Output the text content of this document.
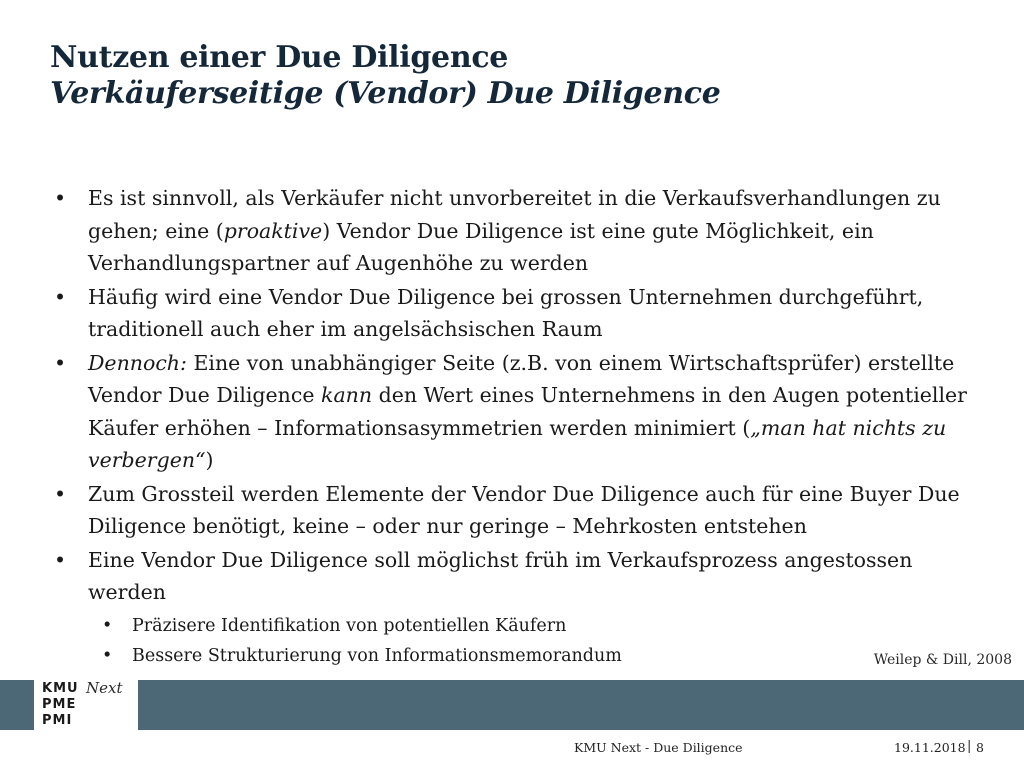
Nutzen einer Due Diligence
Verkäuferseitige (Vendor) Due Diligence
• Es ist sinnvoll, als Verkäufer nicht unvorbereitet in die Verkaufsverhandlungen zu gehen; eine (proaktive) Vendor Due Diligence ist eine gute Möglichkeit, ein Verhandlungspartner auf Augenhöhe zu werden
• Häufig wird eine Vendor Due Diligence bei grossen Unternehmen durchgeführt, traditionell auch eher im angelsächsischen Raum
• Dennoch: Eine von unabhängiger Seite (z.B. von einem Wirtschaftsprüfer) erstellte Vendor Due Diligence kann den Wert eines Unternehmens in den Augen potentieller Käufer erhöhen – Informationsasymmetrien werden minimiert („man hat nichts zu verbergen“)
• Zum Grossteil werden Elemente der Vendor Due Diligence auch für eine Buyer Due Diligence benötigt, keine – oder nur geringe – Mehrkosten entstehen
• Eine Vendor Due Diligence soll möglichst früh im Verkaufsprozess angestossen werden
• Präzisere Identifikation von potentiellen Käufern
• Bessere Strukturierung von Informationsmemorandum	Weilep & Dill, 2008
KMU
PME
PMI
Next
KMU Next - Due Diligence	19.11.2018 | 8
